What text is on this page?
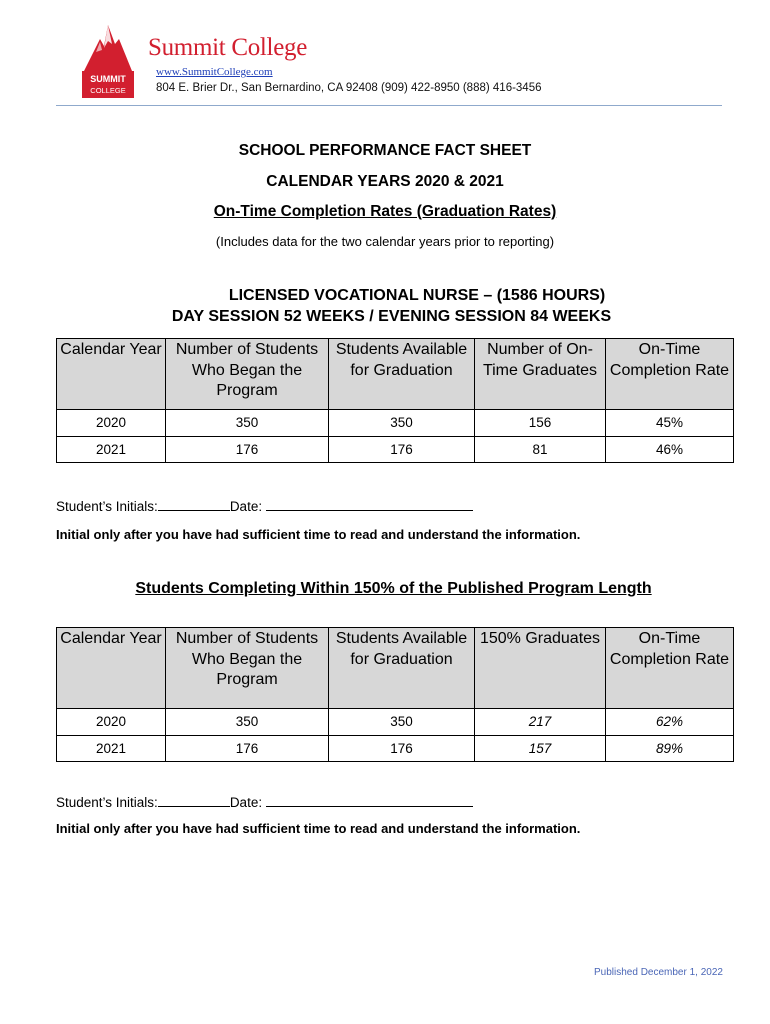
SUMMIT
COLLEGE
Summit College
www.SummitCollege.com
804 E. Brier Dr., San Bernardino, CA 92408 (909) 422-8950 (888) 416-3456
SCHOOL PERFORMANCE FACT SHEET
CALENDAR YEARS 2020 & 2021
On-Time Completion Rates (Graduation Rates)
(Includes data for the two calendar years prior to reporting)
LICENSED VOCATIONAL NURSE – (1586 HOURS)
DAY SESSION 52 WEEKS / EVENING SESSION 84 WEEKS
Calendar Year	Number of Students Who Began the Program	Students Available for Graduation	Number of On-Time Graduates	On-Time Completion Rate
2020	350	350	156	45%
2021	176	176	81	46%
Student’s Initials:	Date:
Initial only after you have had sufficient time to read and understand the information.
Students Completing Within 150% of the Published Program Length
Calendar Year	Number of Students Who Began the Program	Students Available for Graduation	150% Graduates	On-Time Completion Rate
2020	350	350	217	62%
2021	176	176	157	89%
Student’s Initials:	Date:
Initial only after you have had sufficient time to read and understand the information.
Published December 1, 2022
